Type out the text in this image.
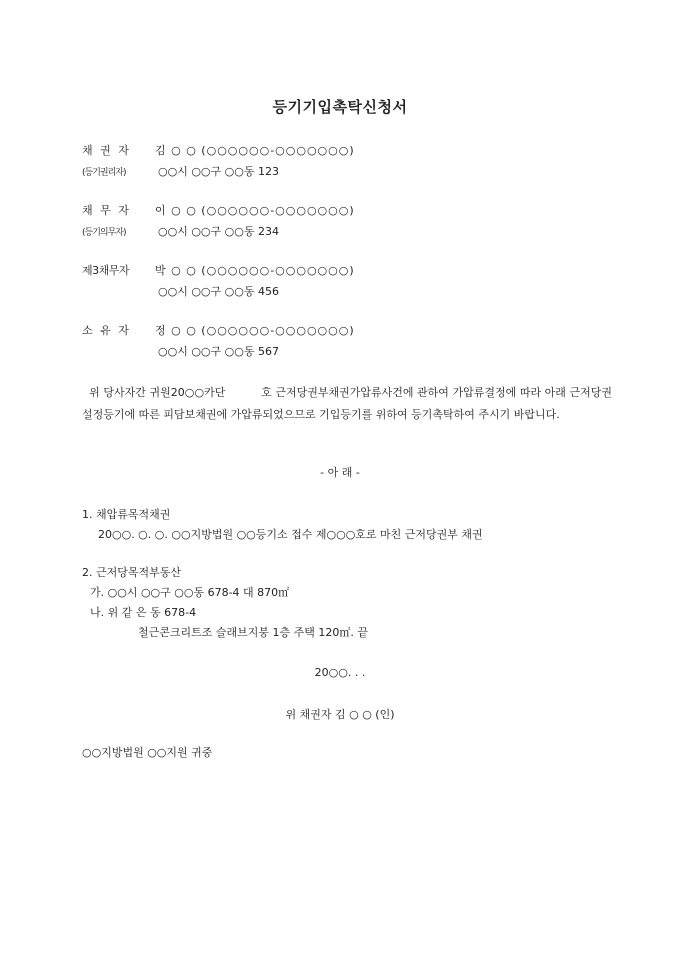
등기기입촉탁신청서
채 권 자 김 ○ ○ (○○○○○○-○○○○○○○)
(등기권리자)	○○시 ○○구 ○○동 123
채 무 자 이 ○ ○ (○○○○○○-○○○○○○○)
(등기의무자)	○○시 ○○구 ○○동 234
제3채무자 박 ○ ○ (○○○○○○-○○○○○○○)
○○시 ○○구 ○○동 456
소 유 자 정 ○ ○ (○○○○○○-○○○○○○○)
○○시 ○○구 ○○동 567
위 당사자간 귀원20○○카단          호 근저당권부채권가압류사건에 관하여 가압류결정에 따라 아래 근저당권설정등기에 따른 피담보채권에 가압류되었으므로 기입등기를 위하여 등기촉탁하여 주시기 바랍니다.
- 아 래 -
1. 채압류목적채권
20○○. ○. ○. ○○지방법원 ○○등기소 접수 제○○○호로 마친 근저당권부 채권
2. 근저당목적부동산
가. ○○시 ○○구 ○○동 678-4 대 870㎡
나. 위 같 은 동 678-4
철근콘크리트조 슬래브지붕 1층 주택 120㎡. 끝
20○○. . .
위 채권자 김 ○ ○ (인)
○○지방법원 ○○지원 귀중
